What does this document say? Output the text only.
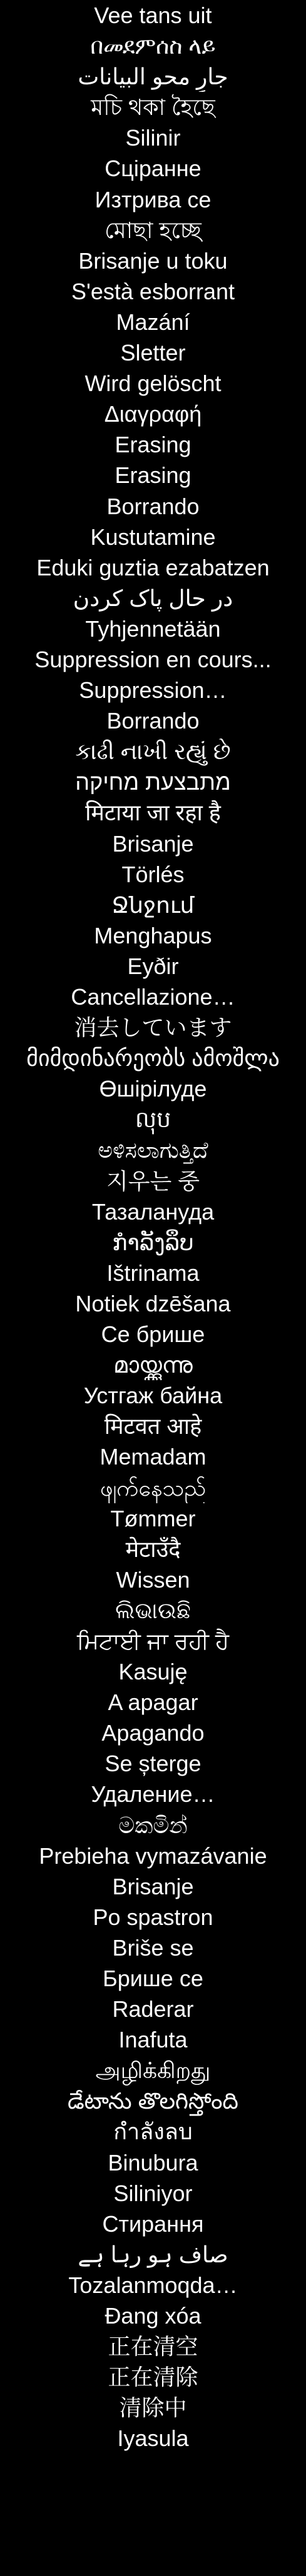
Vee tans uit
በመደምሰስ ላይ
جارٍ محو البيانات
মচি থকা হৈছে
Silinir
Сціранне
Изтрива се
মোছা হচ্ছে
Brisanje u toku
S'està esborrant
Mazání
Sletter
Wird gelöscht
Διαγραφή
Erasing
Erasing
Borrando
Kustutamine
Eduki guztia ezabatzen
در حال پاک کردن
Tyhjennetään
Suppression en cours...
Suppression…
Borrando
કાઢી નાખી રહ્યું છે
מתבצעת מחיקה
मिटाया जा रहा है
Brisanje
Törlés
Ջնջում
Menghapus
Eyðir
Cancellazione…
消去しています
მიმდინარეობს ამოშლა
Өшірілуде
លុប
ಅಳಿಸಲಾಗುತ್ತಿದೆ
지우는 중
Тазалануда
ກຳລັງລຶບ
Ištrinama
Notiek dzēšana
Се брише
മായ്ക്കുന്നു
Устгаж байна
मिटवत आहे
Memadam
ဖျက်နေသည်
Tømmer
मेटाउँदै
Wissen
ଲିଭାଉଛି
ਮਿਟਾਈ ਜਾ ਰਹੀ ਹੈ
Kasuję
A apagar
Apagando
Se șterge
Удаление…
මකමින්
Prebieha vymazávanie
Brisanje
Po spastron
Briše se
Брише се
Raderar
Inafuta
அழிக்கிறது
డేటాను తొలగిస్తోంది
กำลังลบ
Binubura
Siliniyor
Стирання
صاف ہو رہا ہے
Tozalanmoqda…
Đang xóa
正在清空
正在清除
清除中
Iyasula
